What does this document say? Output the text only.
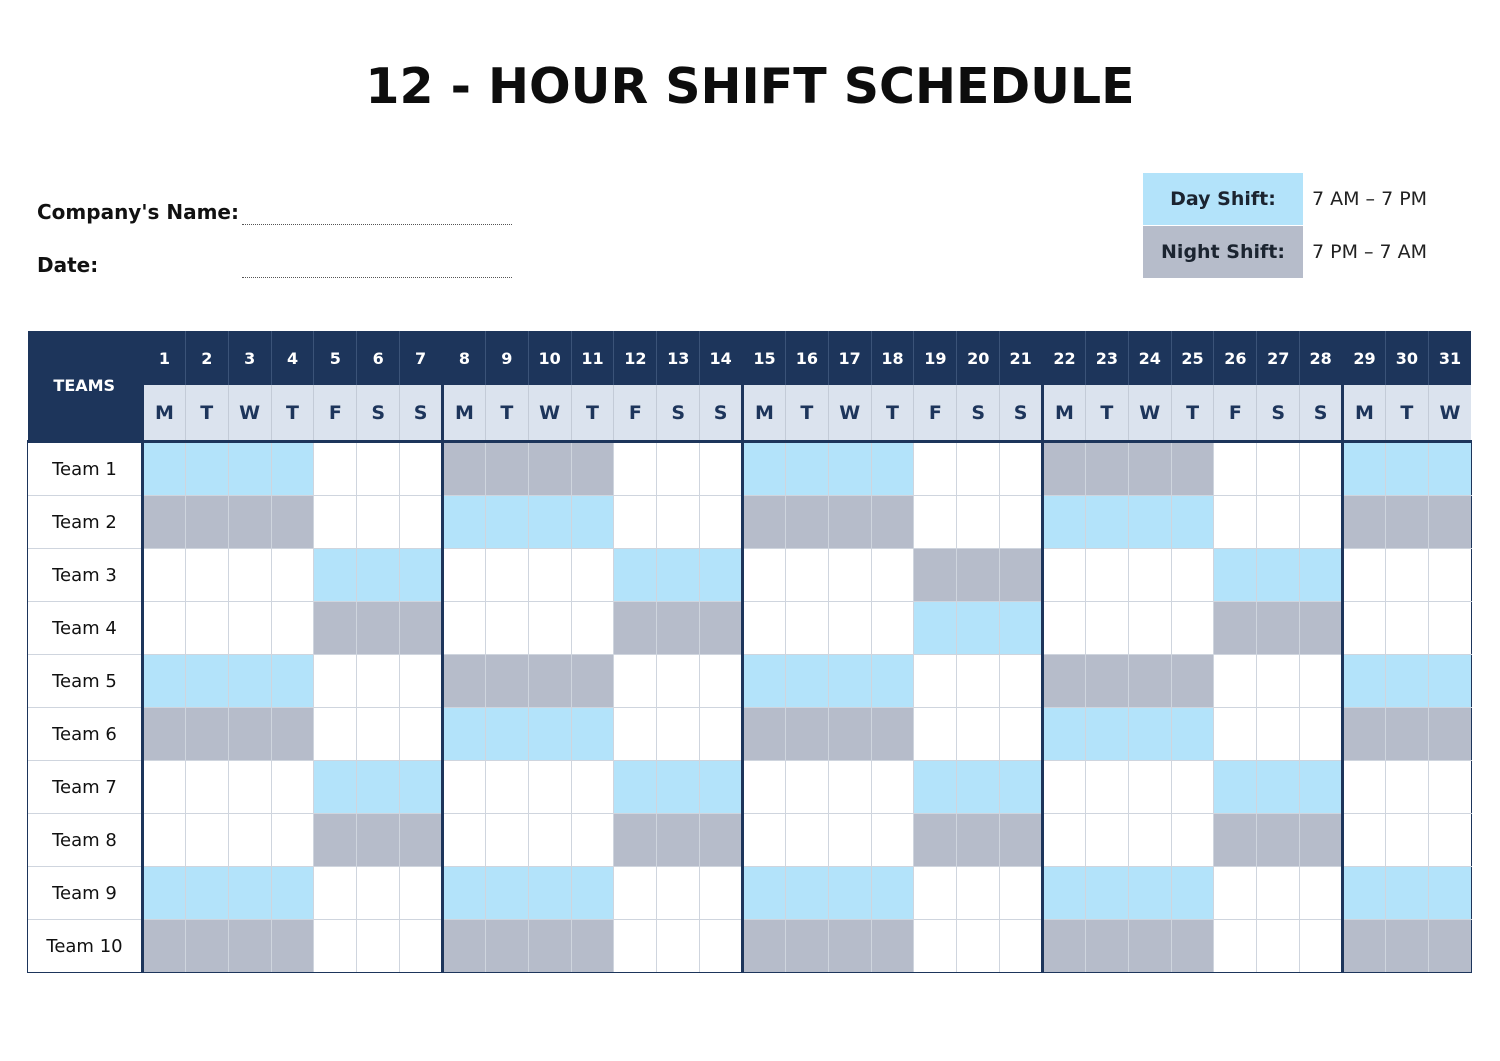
12 - HOUR SHIFT SCHEDULE
Company's Name:
Date:
Day Shift: 7 AM – 7 PM
Night Shift: 7 PM – 7 AM
TEAMS	1	2	3	4	5	6	7	8	9	10	11	12	13	14	15	16	17	18	19	20	21	22	23	24	25	26	27	28	29	30	31
	M	T	W	T	F	S	S	M	T	W	T	F	S	S	M	T	W	T	F	S	S	M	T	W	T	F	S	S	M	T	W
Team 1																															
Team 2																															
Team 3																															
Team 4																															
Team 5																															
Team 6																															
Team 7																															
Team 8																															
Team 9																															
Team 10																															
